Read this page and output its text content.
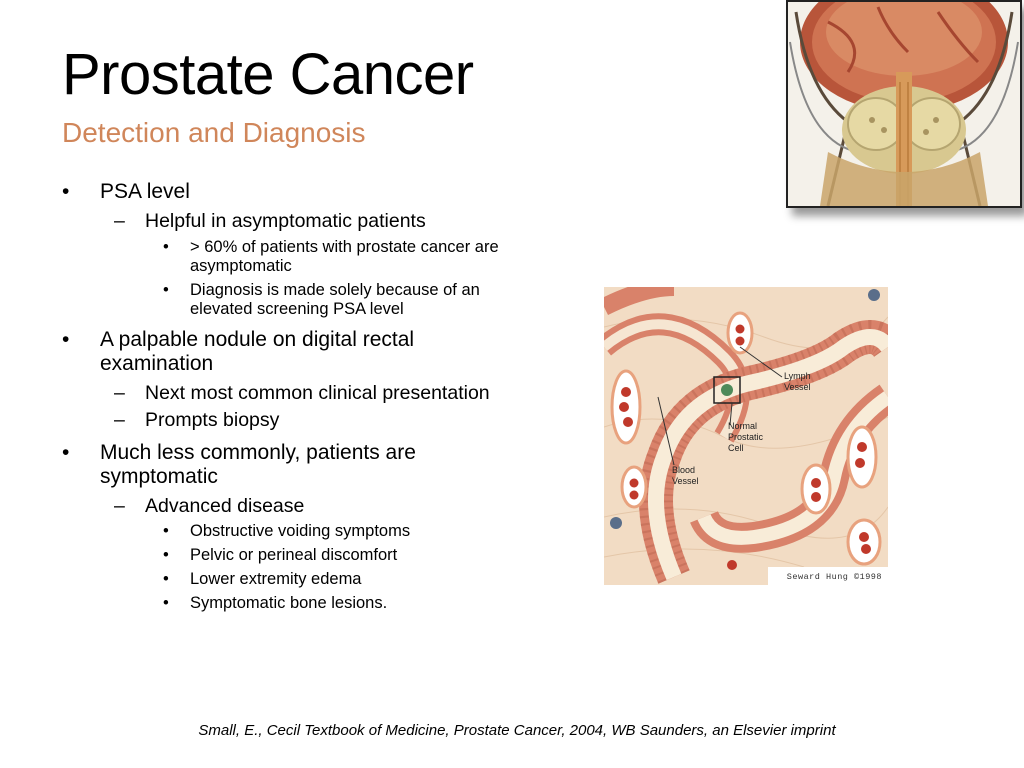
Prostate Cancer
Detection and Diagnosis
• PSA level
– Helpful in asymptomatic patients
• > 60% of patients with prostate cancer are asymptomatic
• Diagnosis is made solely because of an elevated screening PSA level
• A palpable nodule on digital rectal examination
– Next most common clinical presentation
– Prompts biopsy
• Much less commonly, patients are symptomatic
– Advanced disease
• Obstructive voiding symptoms
• Pelvic or perineal discomfort
• Lower extremity edema
• Symptomatic bone lesions.
Lymph Vessel
Normal Prostatic Cell
Blood Vessel
Seward Hung ©1998
Small, E., Cecil Textbook of Medicine, Prostate Cancer, 2004, WB Saunders, an Elsevier imprint
